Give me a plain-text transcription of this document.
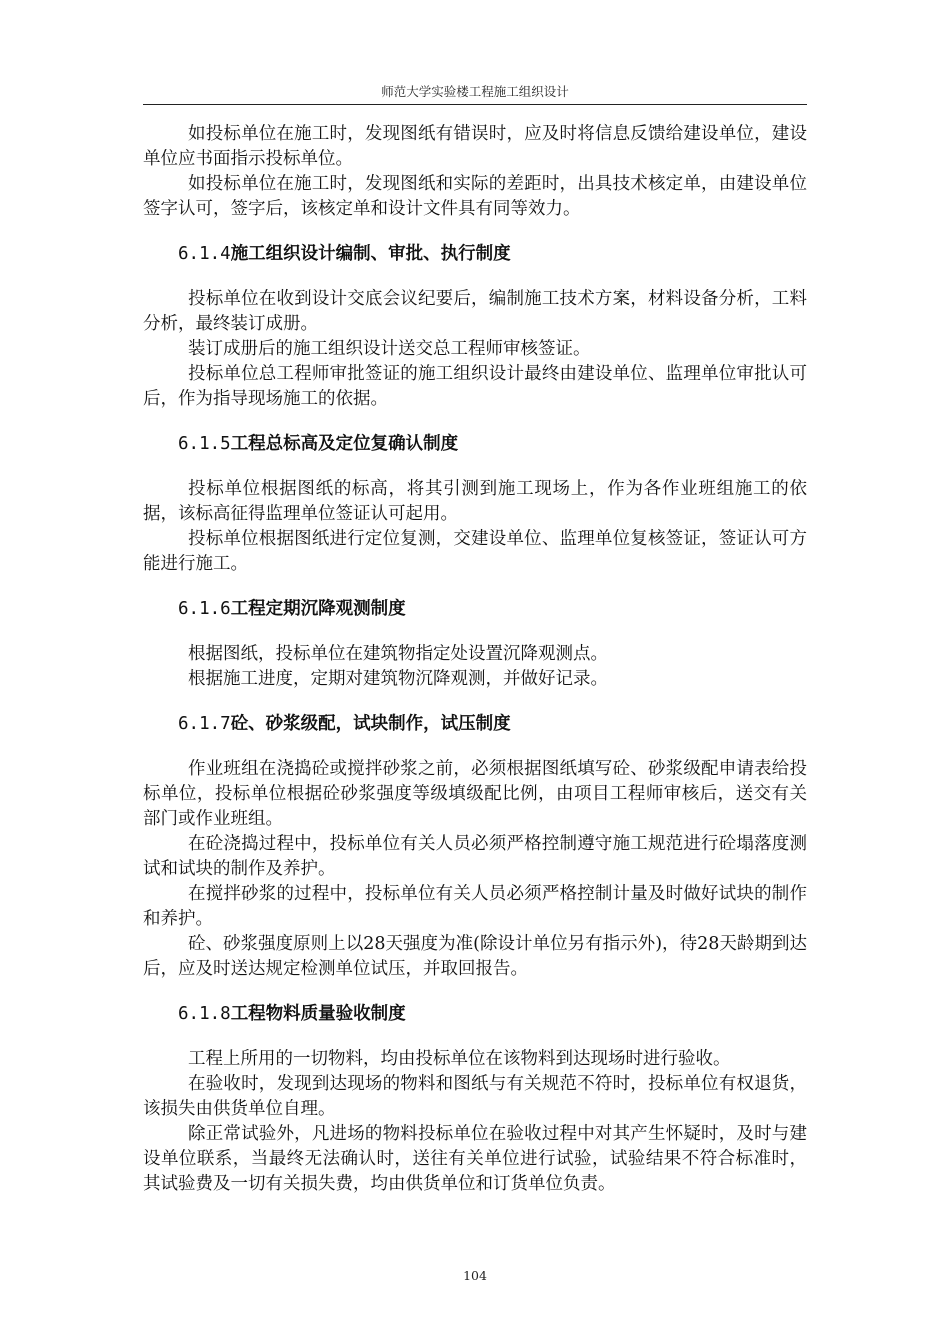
师范大学实验楼工程施工组织设计

如投标单位在施工时，发现图纸有错误时，应及时将信息反馈给建设单位，建设单位应书面指示投标单位。

如投标单位在施工时，发现图纸和实际的差距时，出具技术核定单，由建设单位签字认可，签字后，该核定单和设计文件具有同等效力。

6.1.4施工组织设计编制、审批、执行制度

投标单位在收到设计交底会议纪要后，编制施工技术方案，材料设备分析，工料分析，最终装订成册。

装订成册后的施工组织设计送交总工程师审核签证。

投标单位总工程师审批签证的施工组织设计最终由建设单位、监理单位审批认可后，作为指导现场施工的依据。

6.1.5工程总标高及定位复确认制度

投标单位根据图纸的标高，将其引测到施工现场上，作为各作业班组施工的依据，该标高征得监理单位签证认可起用。

投标单位根据图纸进行定位复测，交建设单位、监理单位复核签证，签证认可方能进行施工。

6.1.6工程定期沉降观测制度

根据图纸，投标单位在建筑物指定处设置沉降观测点。

根据施工进度，定期对建筑物沉降观测，并做好记录。

6.1.7砼、砂浆级配，试块制作，试压制度

作业班组在浇捣砼或搅拌砂浆之前，必须根据图纸填写砼、砂浆级配申请表给投标单位，投标单位根据砼砂浆强度等级填级配比例，由项目工程师审核后，送交有关部门或作业班组。

在砼浇捣过程中，投标单位有关人员必须严格控制遵守施工规范进行砼塌落度测试和试块的制作及养护。

在搅拌砂浆的过程中，投标单位有关人员必须严格控制计量及时做好试块的制作和养护。

砼、砂浆强度原则上以28天强度为准(除设计单位另有指示外)，待28天龄期到达后，应及时送达规定检测单位试压，并取回报告。

6.1.8工程物料质量验收制度

工程上所用的一切物料，均由投标单位在该物料到达现场时进行验收。

在验收时，发现到达现场的物料和图纸与有关规范不符时，投标单位有权退货，该损失由供货单位自理。

除正常试验外，凡进场的物料投标单位在验收过程中对其产生怀疑时，及时与建设单位联系，当最终无法确认时，送往有关单位进行试验，试验结果不符合标准时，其试验费及一切有关损失费，均由供货单位和订货单位负责。

104
